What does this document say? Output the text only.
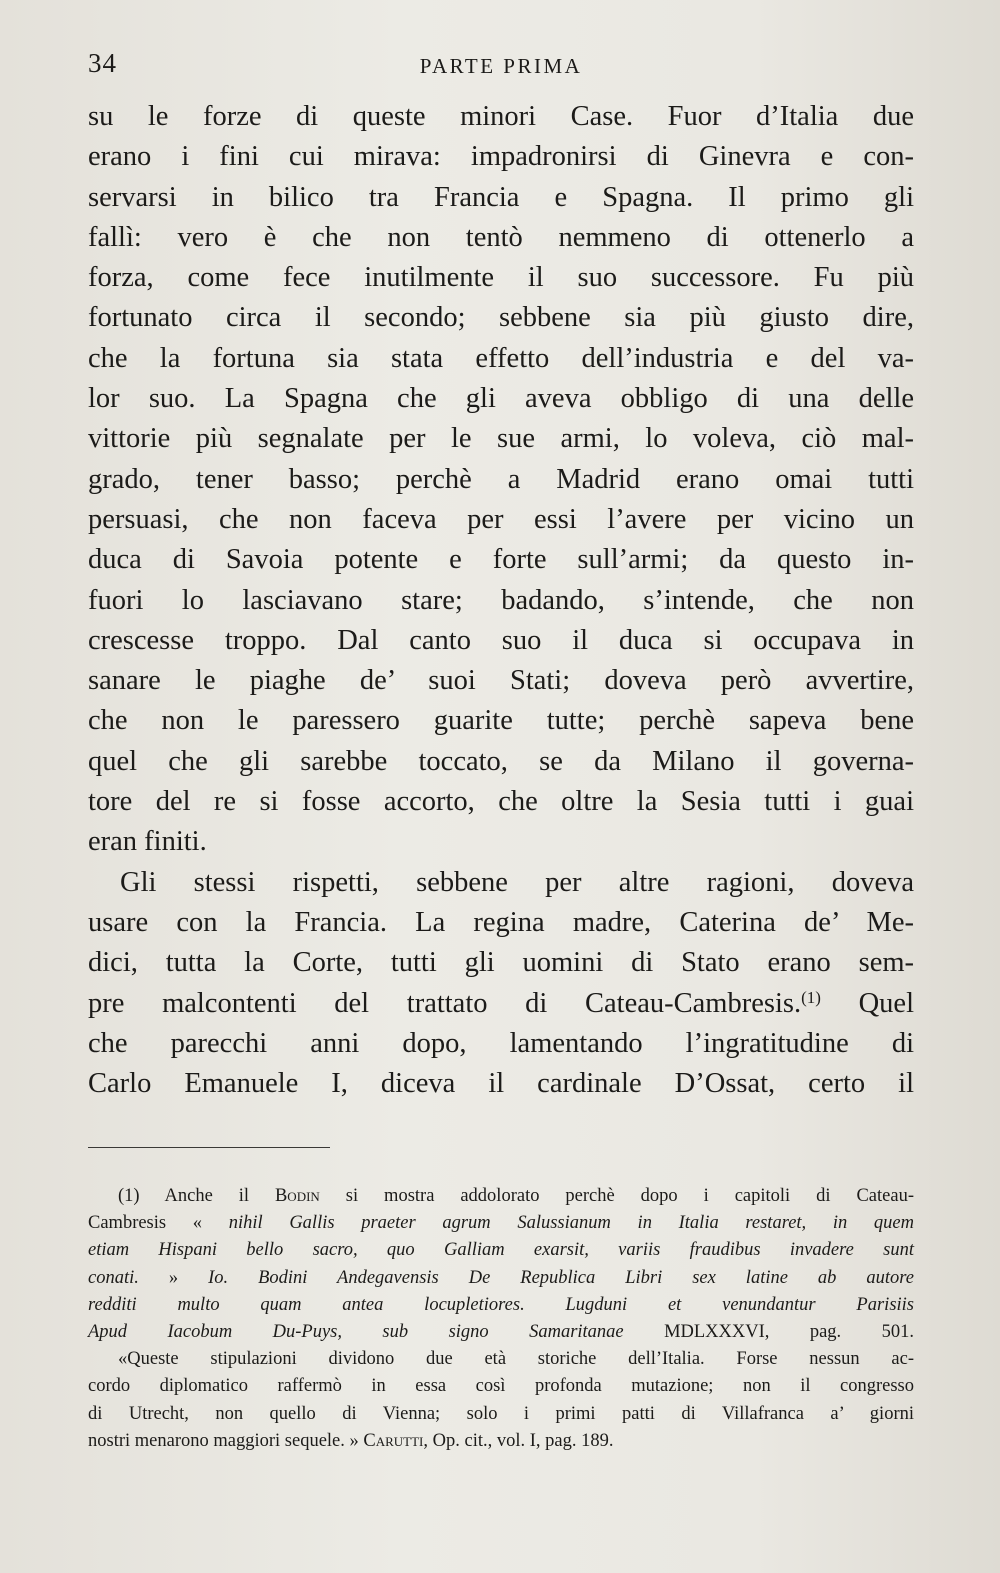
34	PARTE PRIMA
su le forze di queste minori Case. Fuor d’Italia due
erano i fini cui mirava: impadronirsi di Ginevra e con-
servarsi in bilico tra Francia e Spagna. Il primo gli
fallì: vero è che non tentò nemmeno di ottenerlo a
forza, come fece inutilmente il suo successore. Fu più
fortunato circa il secondo; sebbene sia più giusto dire,
che la fortuna sia stata effetto dell’industria e del va-
lor suo. La Spagna che gli aveva obbligo di una delle
vittorie più segnalate per le sue armi, lo voleva, ciò mal-
grado, tener basso; perchè a Madrid erano omai tutti
persuasi, che non faceva per essi l’avere per vicino un
duca di Savoia potente e forte sull’armi; da questo in-
fuori lo lasciavano stare; badando, s’intende, che non
crescesse troppo. Dal canto suo il duca si occupava in
sanare le piaghe de’ suoi Stati; doveva però avvertire,
che non le paressero guarite tutte; perchè sapeva bene
quel che gli sarebbe toccato, se da Milano il governa-
tore del re si fosse accorto, che oltre la Sesia tutti i guai
eran finiti.
Gli stessi rispetti, sebbene per altre ragioni, doveva
usare con la Francia. La regina madre, Caterina de’ Me-
dici, tutta la Corte, tutti gli uomini di Stato erano sem-
pre malcontenti del trattato di Cateau-Cambresis.$^{(1)}$ Quel
che parecchi anni dopo, lamentando l’ingratitudine di
Carlo Emanuele I, diceva il cardinale D’Ossat, certo il
(1) Anche il Bodin si mostra addolorato perchè dopo i capitoli di Cateau-
Cambresis « nihil Gallis praeter agrum Salussianum in Italia restaret, in quem
etiam Hispani bello sacro, quo Galliam exarsit, variis fraudibus invadere sunt
conati. » Io. Bodini Andegavensis De Republica Libri sex latine ab autore
redditi multo quam antea locupletiores. Lugduni et venundantur Parisiis
Apud Iacobum Du-Puys, sub signo Samaritanae MDLXXXVI, pag. 501.
«Queste stipulazioni dividono due età storiche dell’Italia. Forse nessun ac-
cordo diplomatico raffermò in essa così profonda mutazione; non il congresso
di Utrecht, non quello di Vienna; solo i primi patti di Villafranca a’ giorni
nostri menarono maggiori sequele. » Carutti, Op. cit., vol. I, pag. 189.
